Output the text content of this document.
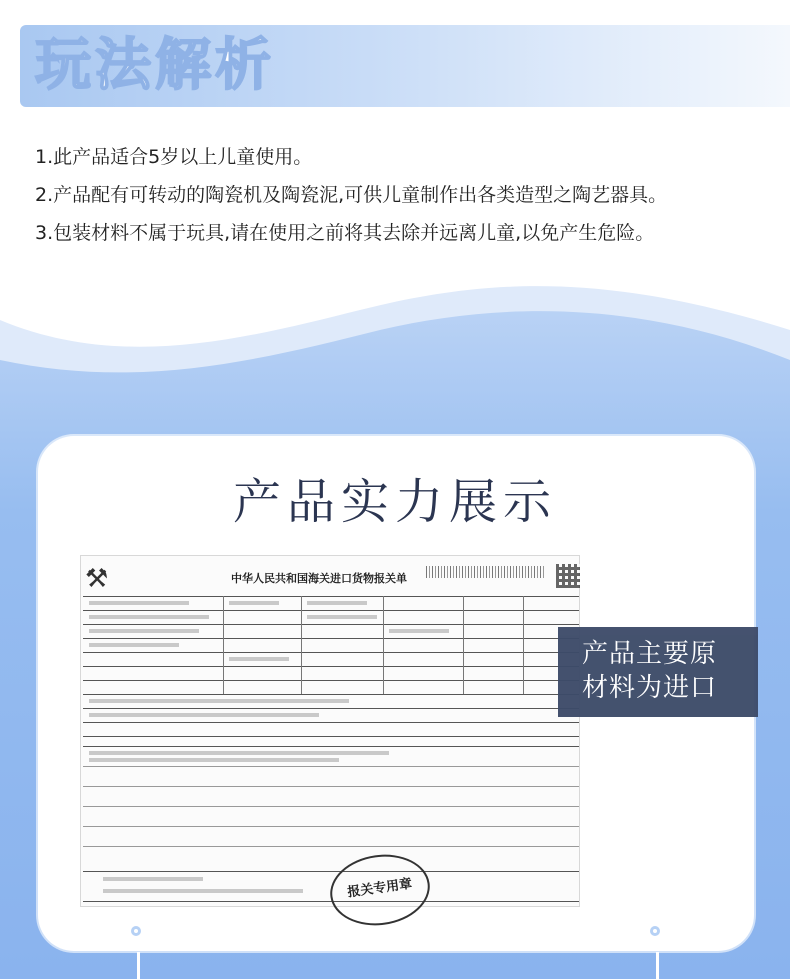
玩法解析
1.此产品适合5岁以上儿童使用。
2.产品配有可转动的陶瓷机及陶瓷泥,可供儿童制作出各类造型之陶艺器具。
3.包装材料不属于玩具,请在使用之前将其去除并远离儿童,以免产生危险。
产品实力展示
⚒	中华人民共和国海关进口货物报关单
报关专用章
产品主要原
材料为进口
